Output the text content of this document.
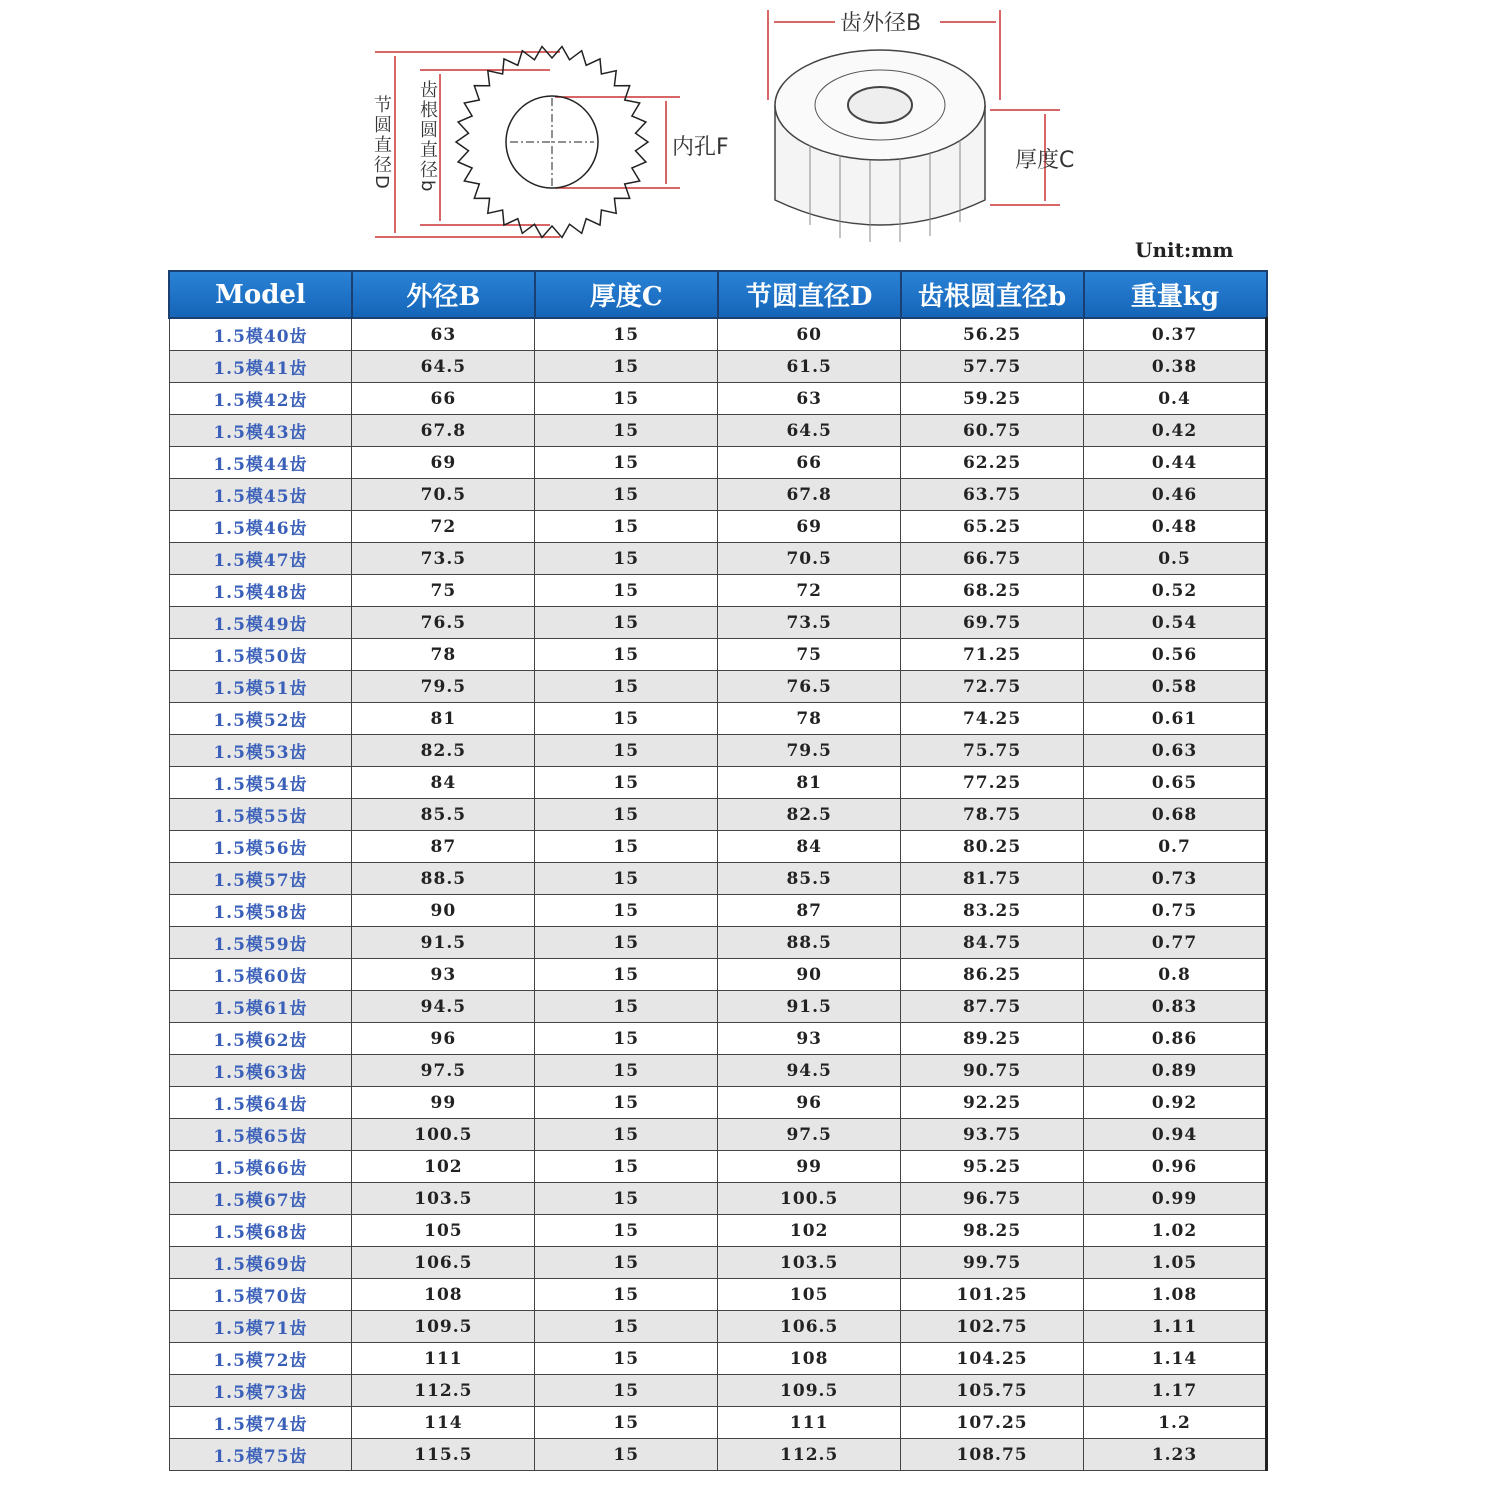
节圆直径D 齿根圆直径b	内孔F
齿外径B
厚度C
Unit:mm
Model	外径B	厚度C	节圆直径D	齿根圆直径b	重量kg
1.5模40齿	63	15	60	56.25	0.37
1.5模41齿	64.5	15	61.5	57.75	0.38
1.5模42齿	66	15	63	59.25	0.4
1.5模43齿	67.8	15	64.5	60.75	0.42
1.5模44齿	69	15	66	62.25	0.44
1.5模45齿	70.5	15	67.8	63.75	0.46
1.5模46齿	72	15	69	65.25	0.48
1.5模47齿	73.5	15	70.5	66.75	0.5
1.5模48齿	75	15	72	68.25	0.52
1.5模49齿	76.5	15	73.5	69.75	0.54
1.5模50齿	78	15	75	71.25	0.56
1.5模51齿	79.5	15	76.5	72.75	0.58
1.5模52齿	81	15	78	74.25	0.61
1.5模53齿	82.5	15	79.5	75.75	0.63
1.5模54齿	84	15	81	77.25	0.65
1.5模55齿	85.5	15	82.5	78.75	0.68
1.5模56齿	87	15	84	80.25	0.7
1.5模57齿	88.5	15	85.5	81.75	0.73
1.5模58齿	90	15	87	83.25	0.75
1.5模59齿	91.5	15	88.5	84.75	0.77
1.5模60齿	93	15	90	86.25	0.8
1.5模61齿	94.5	15	91.5	87.75	0.83
1.5模62齿	96	15	93	89.25	0.86
1.5模63齿	97.5	15	94.5	90.75	0.89
1.5模64齿	99	15	96	92.25	0.92
1.5模65齿	100.5	15	97.5	93.75	0.94
1.5模66齿	102	15	99	95.25	0.96
1.5模67齿	103.5	15	100.5	96.75	0.99
1.5模68齿	105	15	102	98.25	1.02
1.5模69齿	106.5	15	103.5	99.75	1.05
1.5模70齿	108	15	105	101.25	1.08
1.5模71齿	109.5	15	106.5	102.75	1.11
1.5模72齿	111	15	108	104.25	1.14
1.5模73齿	112.5	15	109.5	105.75	1.17
1.5模74齿	114	15	111	107.25	1.2
1.5模75齿	115.5	15	112.5	108.75	1.23
